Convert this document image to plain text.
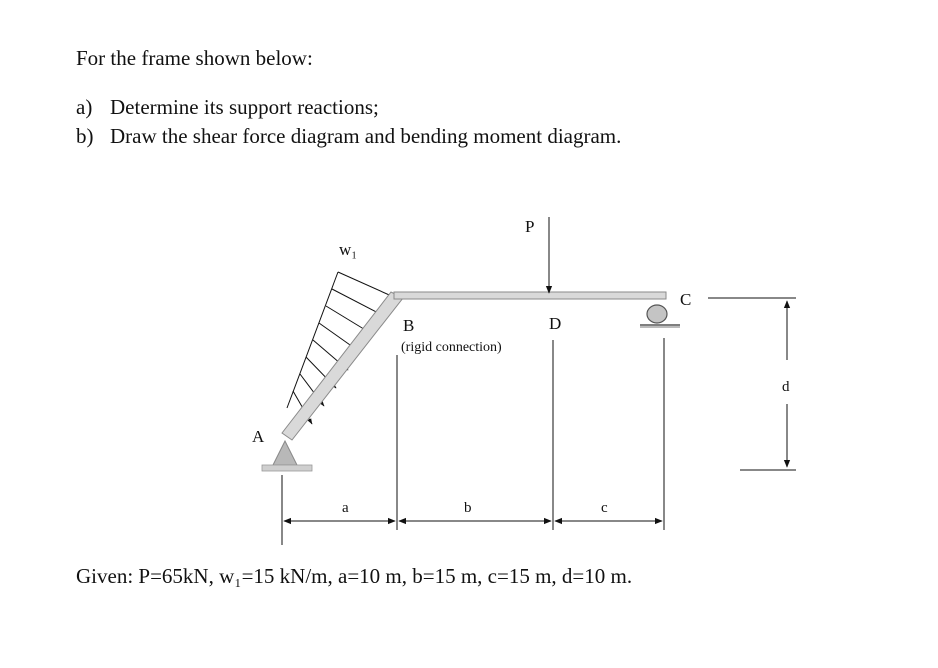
For the frame shown below:
a) Determine its support reactions;
b) Draw the shear force diagram and bending moment diagram.
P
w₁
A
B
(rigid connection)
D
C
a	b	c
d
Given: P=65kN, w₁=15 kN/m, a=10 m, b=15 m, c=15 m, d=10 m.
